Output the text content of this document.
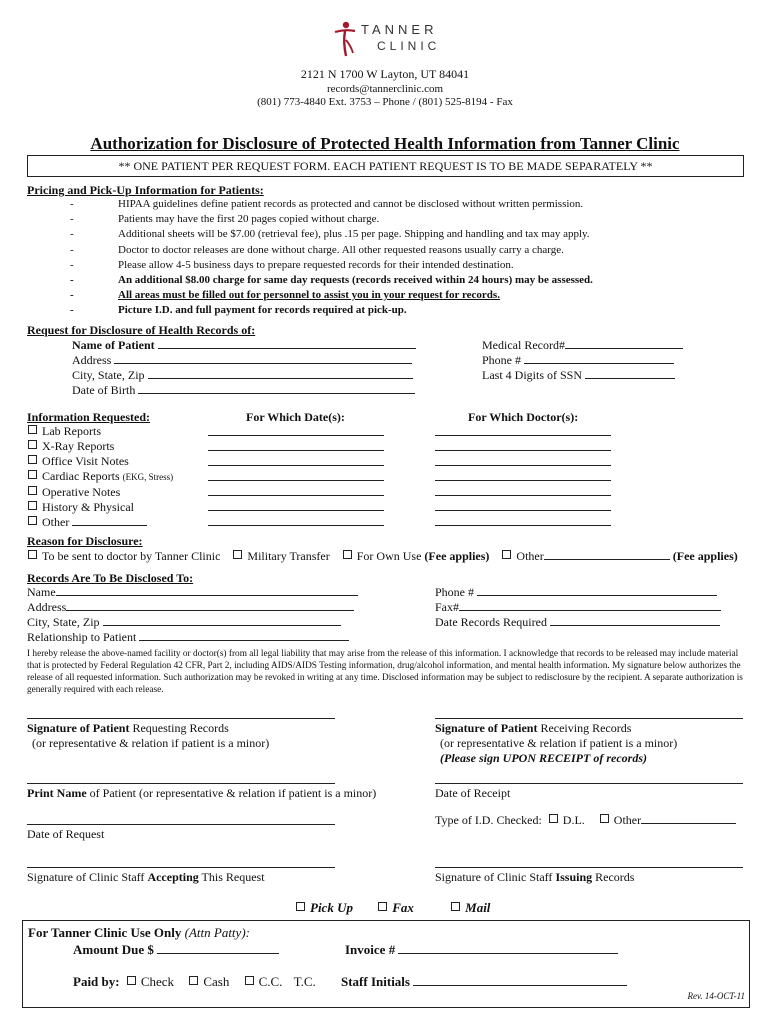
TANNER
CLINIC
2121 N 1700 W Layton, UT 84041
records@tannerclinic.com
(801) 773-4840 Ext. 3753 – Phone / (801) 525-8194 - Fax
Authorization for Disclosure of Protected Health Information from Tanner Clinic
** ONE PATIENT PER REQUEST FORM. EACH PATIENT REQUEST IS TO BE MADE SEPARATELY **
Pricing and Pick-Up Information for Patients:
-	HIPAA guidelines define patient records as protected and cannot be disclosed without written permission.
-	Patients may have the first 20 pages copied without charge.
-	Additional sheets will be $7.00 (retrieval fee), plus .15 per page. Shipping and handling and tax may apply.
-	Doctor to doctor releases are done without charge. All other requested reasons usually carry a charge.
-	Please allow 4-5 business days to prepare requested records for their intended destination.
-	An additional $8.00 charge for same day requests (records received within 24 hours) may be assessed.
-	All areas must be filled out for personnel to assist you in your request for records.
-	Picture I.D. and full payment for records required at pick-up.
Request for Disclosure of Health Records of:
Name of Patient
Address
City, State, Zip
Date of Birth
Medical Record#
Phone #
Last 4 Digits of SSN
Information Requested:	For Which Date(s):	For Which Doctor(s):
Lab Reports
X-Ray Reports
Office Visit Notes
Cardiac Reports (EKG, Stress)
Operative Notes
History & Physical
Other
Reason for Disclosure:
To be sent to doctor by Tanner Clinic Military Transfer For Own Use (Fee applies) Other	(Fee applies)
Records Are To Be Disclosed To:
Name
Address
City, State, Zip
Relationship to Patient
Phone #
Fax#
Date Records Required
I hereby release the above-named facility or doctor(s) from all legal liability that may arise from the release of this information. I acknowledge that records to be released may include material that is protected by Federal Regulation 42 CFR, Part 2, including AIDS/AIDS Testing information, drug/alcohol information, and mental health information. My signature below authorizes the release of all requested information. Such authorization may be revoked in writing at any time. Disclosed information may be subject to redisclosure by the recipient. A separate authorization is generally required with each release.
Signature of Patient Requesting Records
(or representative & relation if patient is a minor)
Signature of Patient Receiving Records
(or representative & relation if patient is a minor)
(Please sign UPON RECEIPT of records)
Print Name of Patient (or representative & relation if patient is a minor)	Date of Receipt
Date of Request
Type of I.D. Checked: D.L. Other
Signature of Clinic Staff Accepting This Request	Signature of Clinic Staff Issuing Records
Pick Up	Fax	Mail
For Tanner Clinic Use Only (Attn Patty):
Amount Due $	Invoice #
Paid by: Check Cash C.C. T.C. Staff Initials
Rev. 14-OCT-11
